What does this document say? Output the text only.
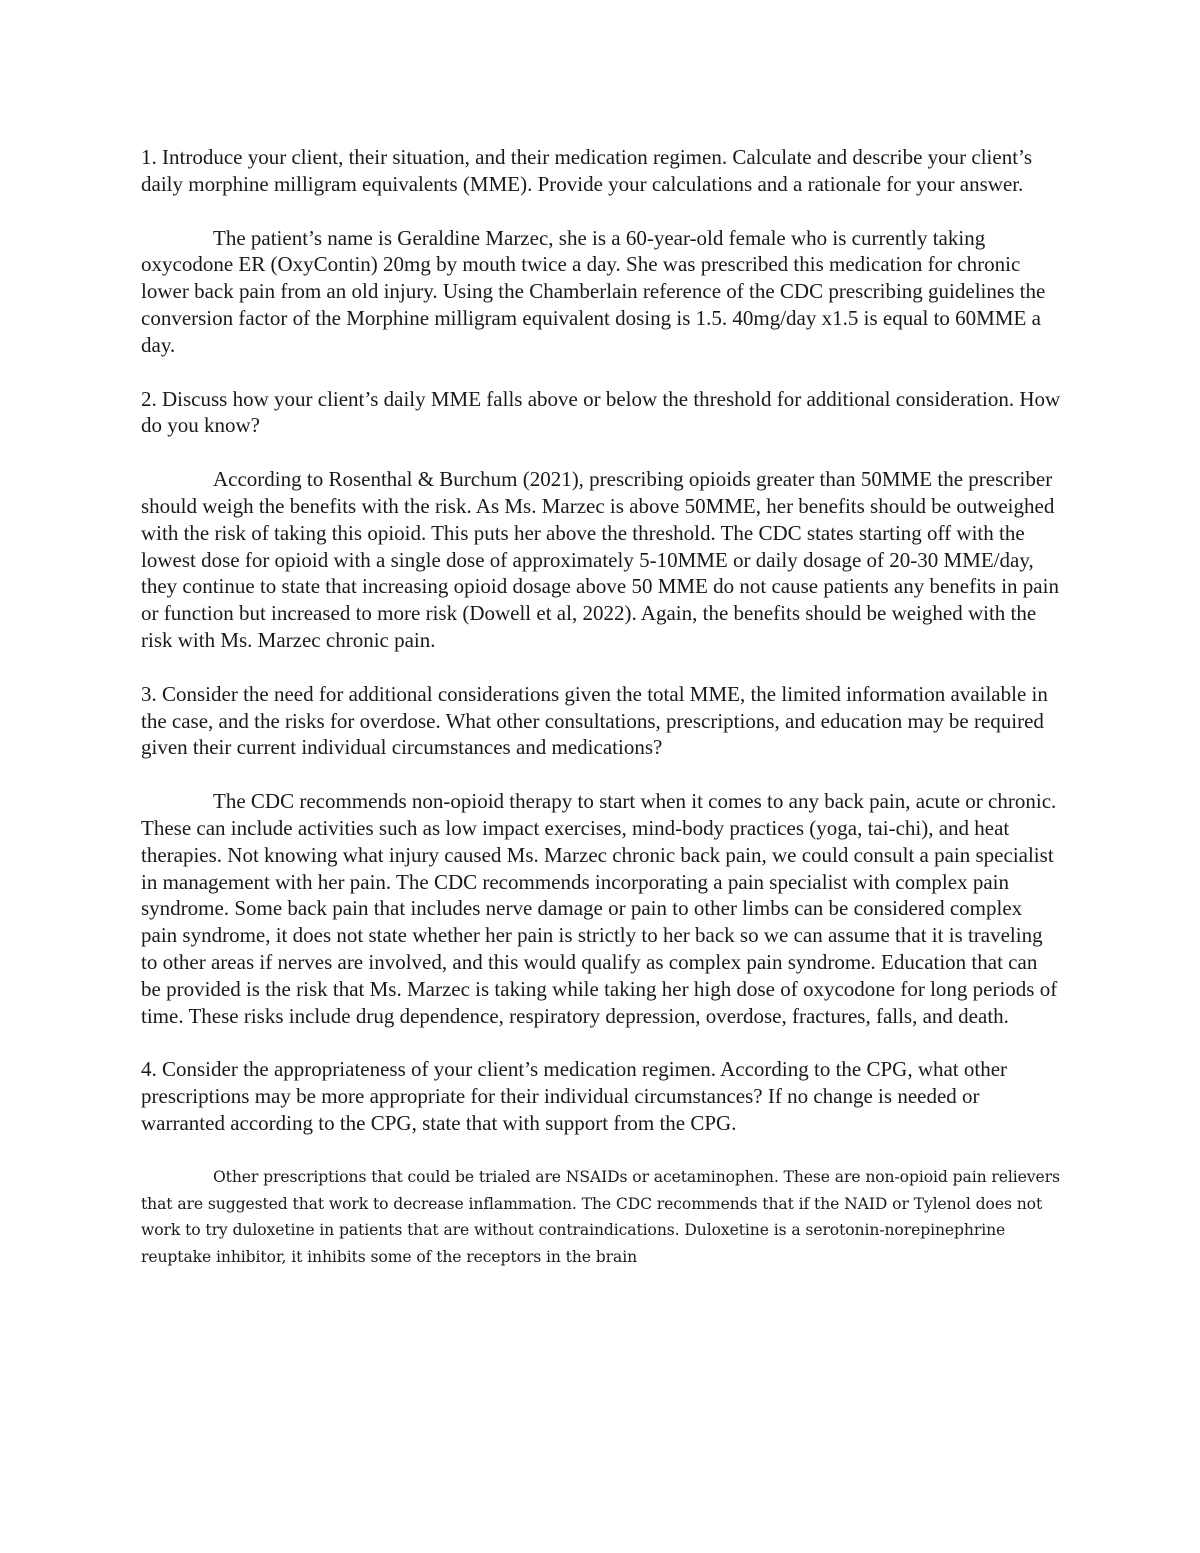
1. Introduce your client, their situation, and their medication regimen. Calculate and describe your client’s daily morphine milligram equivalents (MME). Provide your calculations and a rationale for your answer.

The patient’s name is Geraldine Marzec, she is a 60-year-old female who is currently taking oxycodone ER (OxyContin) 20mg by mouth twice a day. She was prescribed this medication for chronic lower back pain from an old injury. Using the Chamberlain reference of the CDC prescribing guidelines the conversion factor of the Morphine milligram equivalent dosing is 1.5. 40mg/day x1.5 is equal to 60MME a day.

2. Discuss how your client’s daily MME falls above or below the threshold for additional consideration. How do you know?

According to Rosenthal & Burchum (2021), prescribing opioids greater than 50MME the prescriber should weigh the benefits with the risk. As Ms. Marzec is above 50MME, her benefits should be outweighed with the risk of taking this opioid. This puts her above the threshold. The CDC states starting off with the lowest dose for opioid with a single dose of approximately 5-10MME or daily dosage of 20-30 MME/day, they continue to state that increasing opioid dosage above 50 MME do not cause patients any benefits in pain or function but increased to more risk (Dowell et al, 2022). Again, the benefits should be weighed with the risk with Ms. Marzec chronic pain.

3. Consider the need for additional considerations given the total MME, the limited information available in the case, and the risks for overdose. What other consultations, prescriptions, and education may be required given their current individual circumstances and medications?

The CDC recommends non-opioid therapy to start when it comes to any back pain, acute or chronic. These can include activities such as low impact exercises, mind-body practices (yoga, tai-chi), and heat therapies. Not knowing what injury caused Ms. Marzec chronic back pain, we could consult a pain specialist in management with her pain. The CDC recommends incorporating a pain specialist with complex pain syndrome. Some back pain that includes nerve damage or pain to other limbs can be considered complex pain syndrome, it does not state whether her pain is strictly to her back so we can assume that it is traveling to other areas if nerves are involved, and this would qualify as complex pain syndrome. Education that can be provided is the risk that Ms. Marzec is taking while taking her high dose of oxycodone for long periods of time. These risks include drug dependence, respiratory depression, overdose, fractures, falls, and death.

4. Consider the appropriateness of your client’s medication regimen. According to the CPG, what other prescriptions may be more appropriate for their individual circumstances? If no change is needed or warranted according to the CPG, state that with support from the CPG.

Other prescriptions that could be trialed are NSAIDs or acetaminophen. These are non-opioid pain relievers that are suggested that work to decrease inflammation. The CDC recommends that if the NAID or Tylenol does not work to try duloxetine in patients that are without contraindications. Duloxetine is a serotonin-norepinephrine reuptake inhibitor, it inhibits some of the receptors in the brain
